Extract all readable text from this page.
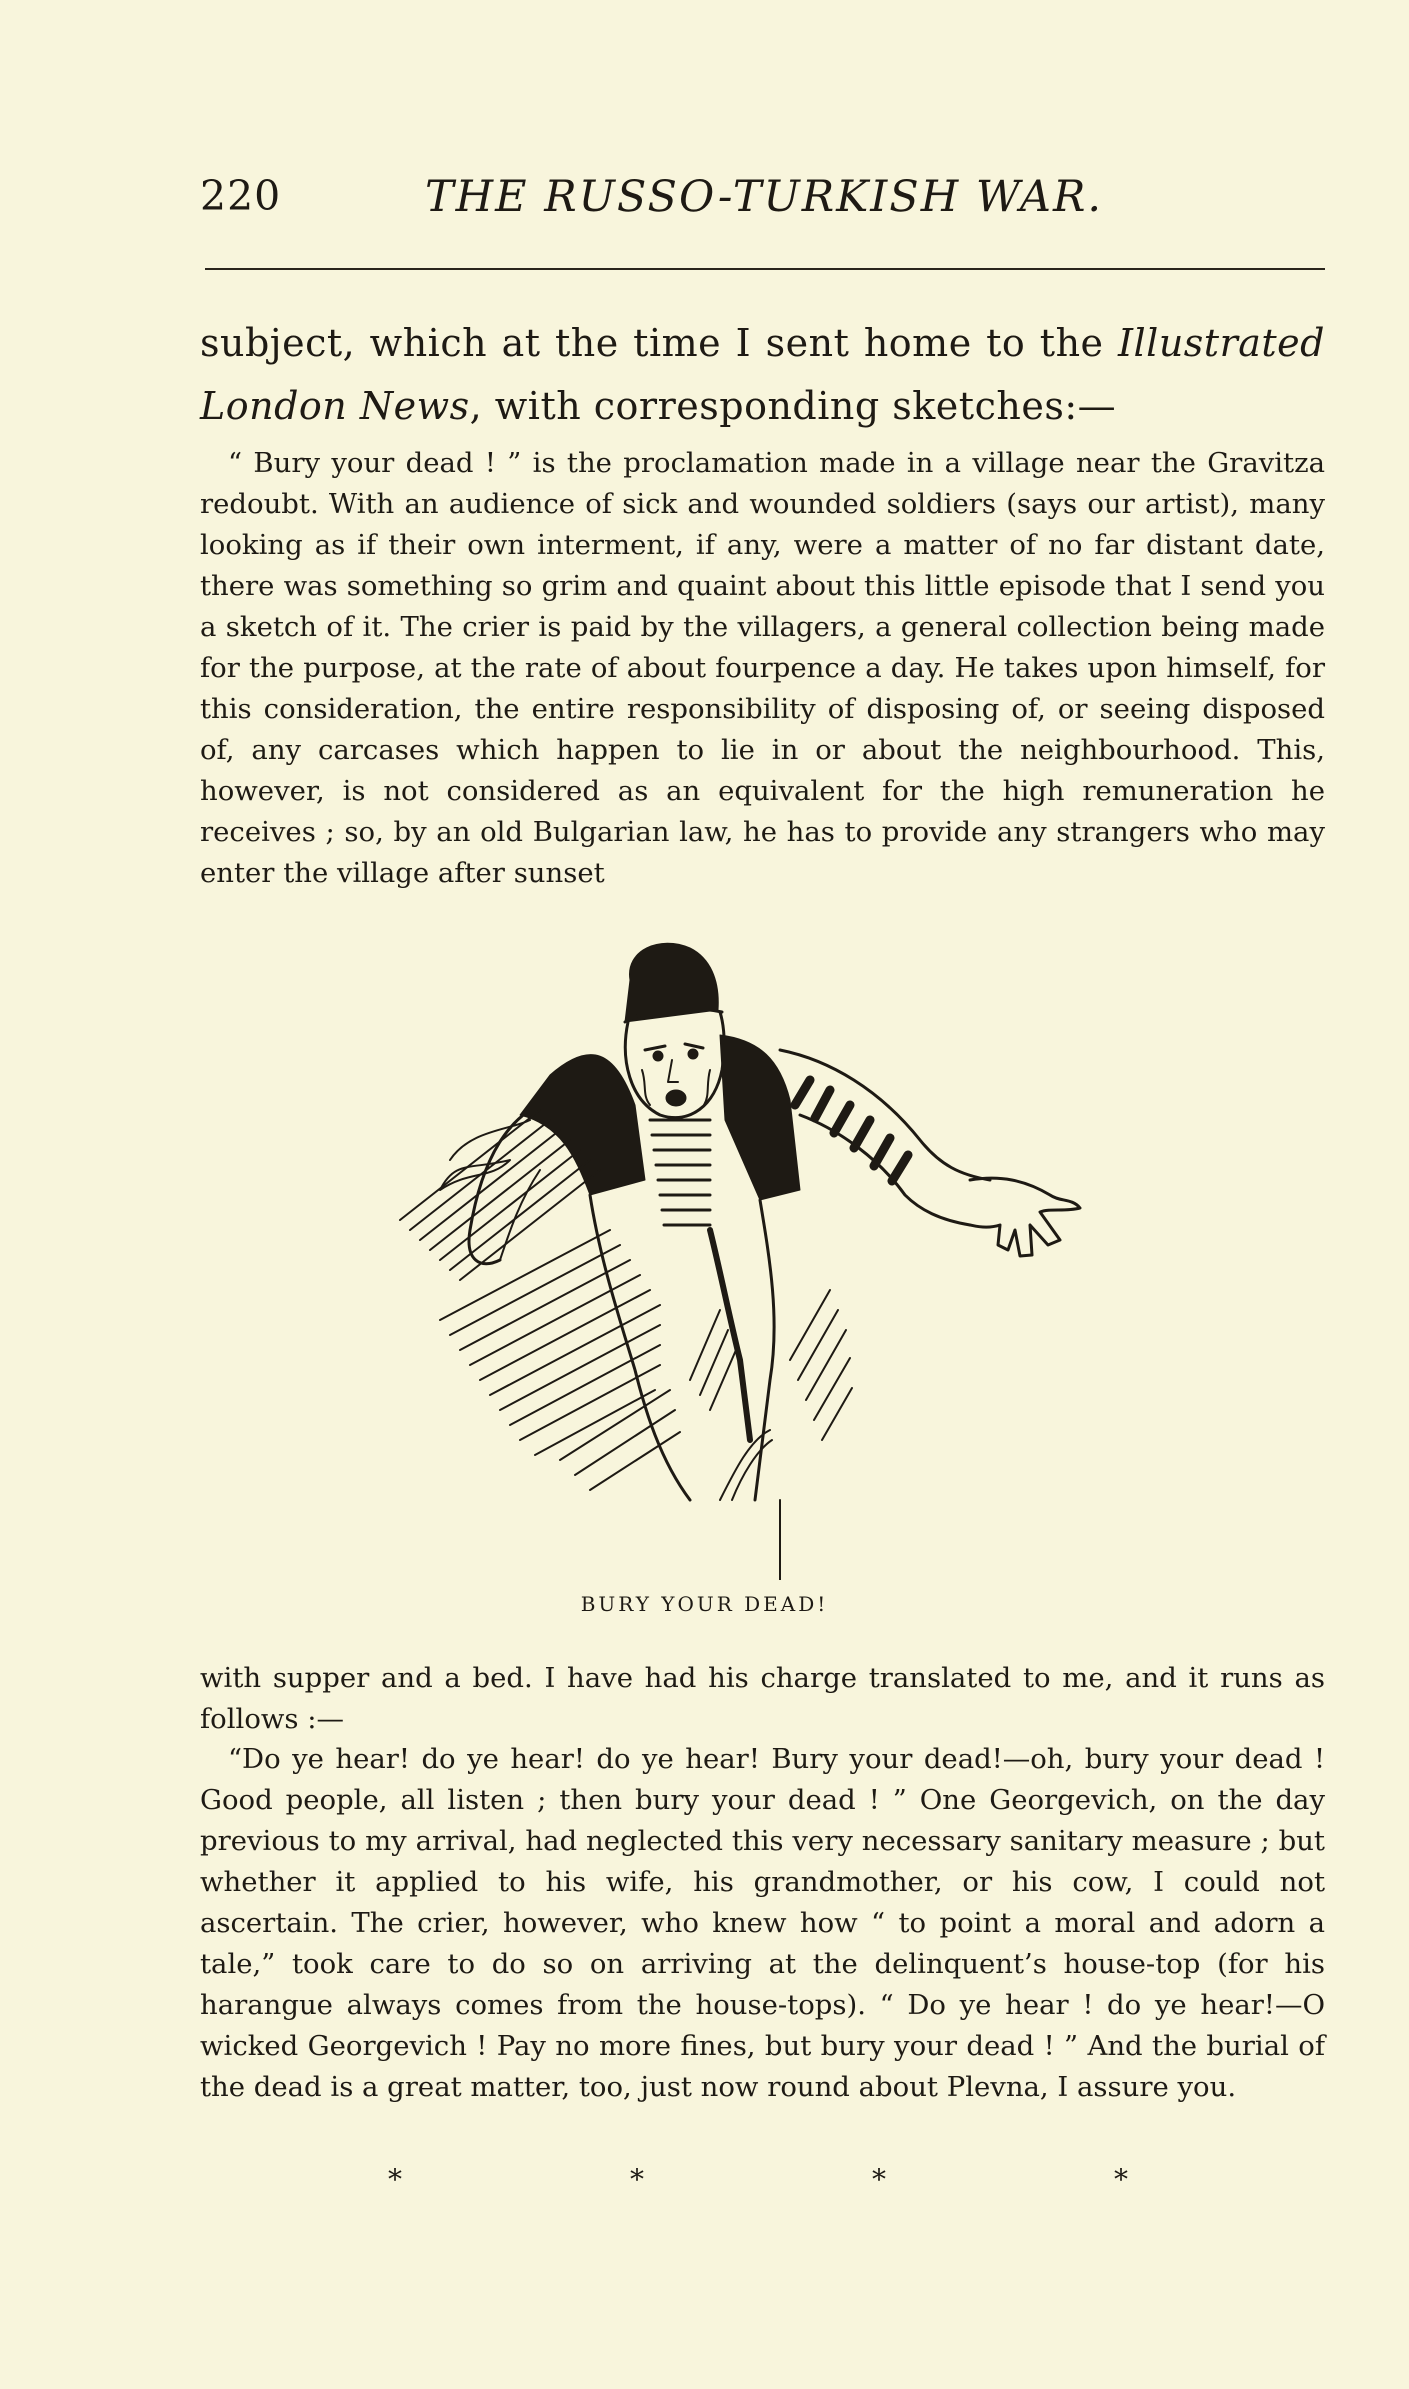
220	THE RUSSO-TURKISH WAR.
subject, which at the time I sent home to the Illustrated
London News, with corresponding sketches:—

“ Bury your dead ! ” is the proclamation made in a village near the Gravitza redoubt. With an audience of sick and wounded soldiers (says our artist), many looking as if their own interment, if any, were a matter of no far distant date, there was something so grim and quaint about this little episode that I send you a sketch of it. The crier is paid by the villagers, a general collection being made for the purpose, at the rate of about fourpence a day. He takes upon himself, for this consideration, the entire responsibility of disposing of, or seeing disposed of, any carcases which happen to lie in or about the neighbourhood. This, however, is not considered as an equivalent for the high remuneration he receives ; so, by an old Bulgarian law, he has to provide any strangers who may enter the village after sunset

BURY YOUR DEAD!

with supper and a bed. I have had his charge translated to me, and it runs as follows :—

“Do ye hear! do ye hear! do ye hear! Bury your dead!—oh, bury your dead ! Good people, all listen ; then bury your dead ! ” One Georgevich, on the day previous to my arrival, had neglected this very necessary sanitary measure ; but whether it applied to his wife, his grandmother, or his cow, I could not ascertain. The crier, however, who knew how “ to point a moral and adorn a tale,” took care to do so on arriving at the delinquent’s house-top (for his harangue always comes from the house-tops). “ Do ye hear ! do ye hear!—O wicked Georgevich ! Pay no more fines, but bury your dead ! ” And the burial of the dead is a great matter, too, just now round about Plevna, I assure you.

*	*	*	*
